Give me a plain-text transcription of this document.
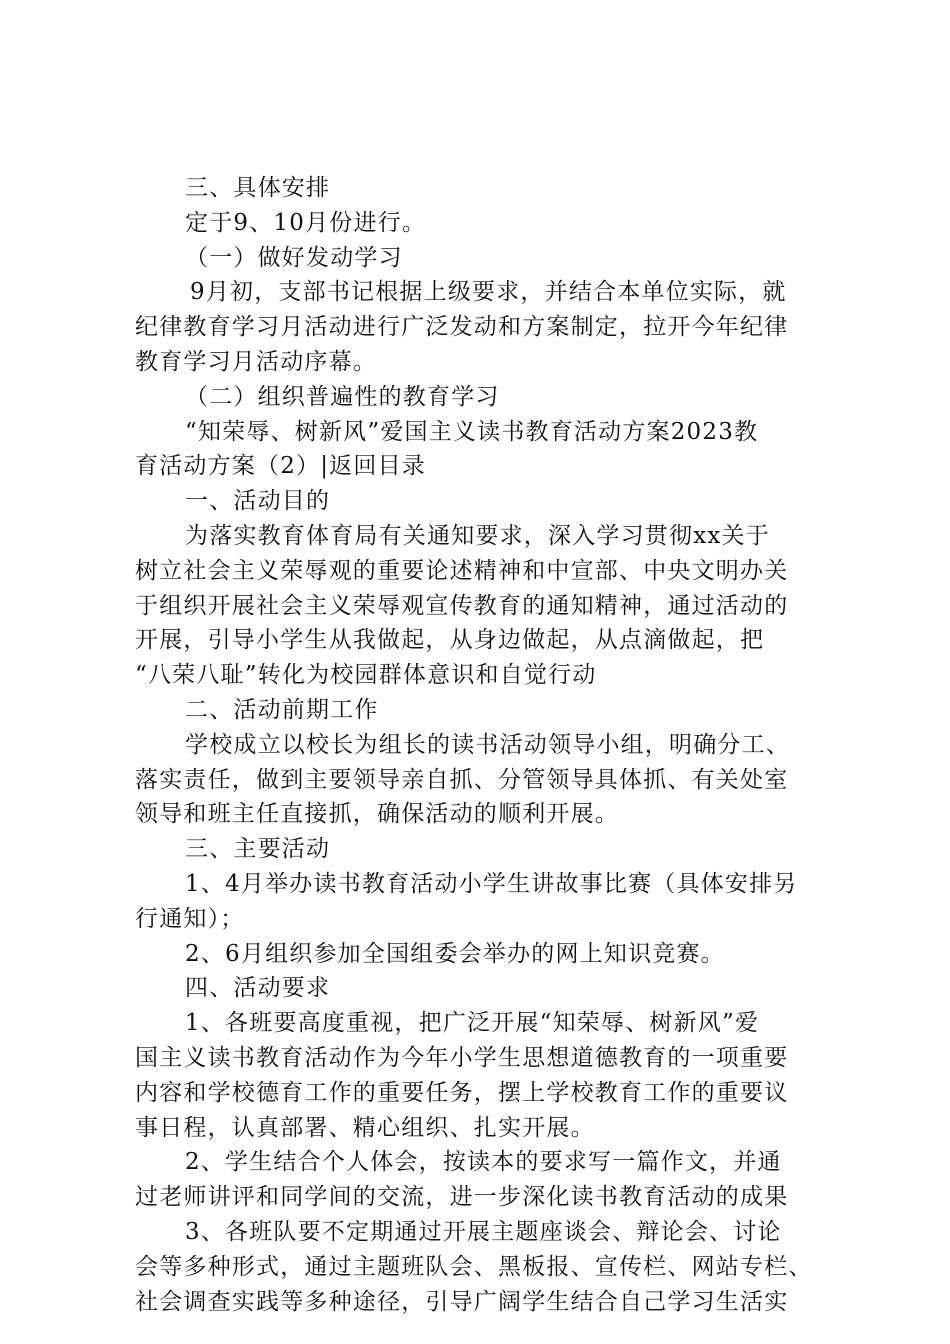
三、具体安排
定于9、10月份进行。
（一）做好发动学习
9月初，支部书记根据上级要求，并结合本单位实际，就
纪律教育学习月活动进行广泛发动和方案制定，拉开今年纪律
教育学习月活动序幕。
（二）组织普遍性的教育学习
“知荣辱、树新风”爱国主义读书教育活动方案2023教
育活动方案（2）|返回目录
一、活动目的
为落实教育体育局有关通知要求，深入学习贯彻xx关于
树立社会主义荣辱观的重要论述精神和中宣部、中央文明办关
于组织开展社会主义荣辱观宣传教育的通知精神，通过活动的
开展，引导小学生从我做起，从身边做起，从点滴做起，把
“八荣八耻”转化为校园群体意识和自觉行动
二、活动前期工作
学校成立以校长为组长的读书活动领导小组，明确分工、
落实责任，做到主要领导亲自抓、分管领导具体抓、有关处室
领导和班主任直接抓，确保活动的顺利开展。
三、主要活动
1、4月举办读书教育活动小学生讲故事比赛（具体安排另
行通知）；
2、6月组织参加全国组委会举办的网上知识竞赛。
四、活动要求
1、各班要高度重视，把广泛开展“知荣辱、树新风”爱
国主义读书教育活动作为今年小学生思想道德教育的一项重要
内容和学校德育工作的重要任务，摆上学校教育工作的重要议
事日程，认真部署、精心组织、扎实开展。
2、学生结合个人体会，按读本的要求写一篇作文，并通
过老师讲评和同学间的交流，进一步深化读书教育活动的成果
3、各班队要不定期通过开展主题座谈会、辩论会、讨论
会等多种形式，通过主题班队会、黑板报、宣传栏、网站专栏、
社会调查实践等多种途径，引导广阔学生结合自己学习生活实
